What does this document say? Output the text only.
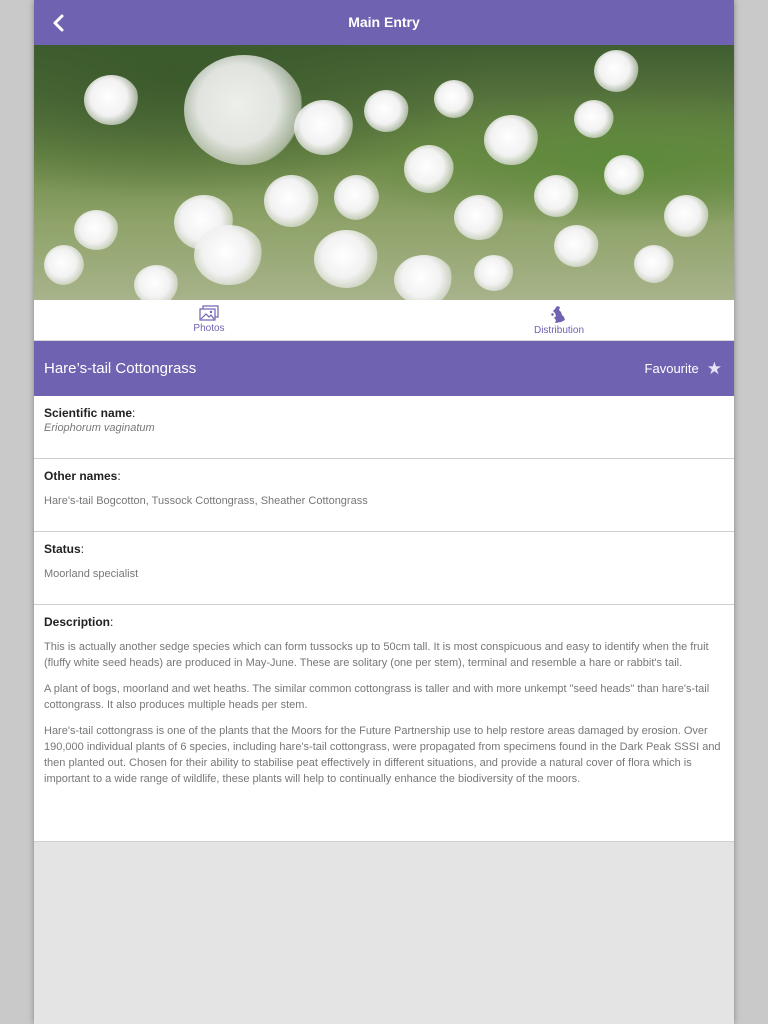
Main Entry
Photos	Distribution
Hare’s-tail Cottongrass	Favourite ★
Scientific name:
Eriophorum vaginatum
Other names:
Hare's-tail Bogcotton, Tussock Cottongrass, Sheather Cottongrass
Status:
Moorland specialist
Description:

This is actually another sedge species which can form tussocks up to 50cm tall. It is most conspicuous and easy to identify when the fruit (fluffy white seed heads) are produced in May-June. These are solitary (one per stem), terminal and resemble a hare or rabbit's tail.

A plant of bogs, moorland and wet heaths. The similar common cottongrass is taller and with more unkempt "seed heads" than hare's-tail cottongrass. It also produces multiple heads per stem.

Hare's-tail cottongrass is one of the plants that the Moors for the Future Partnership use to help restore areas damaged by erosion. Over 190,000 individual plants of 6 species, including hare's-tail cottongrass, were propagated from specimens found in the Dark Peak SSSI and then planted out. Chosen for their ability to stabilise peat effectively in different situations, and provide a natural cover of flora which is important to a wide range of wildlife, these plants will help to continually enhance the biodiversity of the moors.
